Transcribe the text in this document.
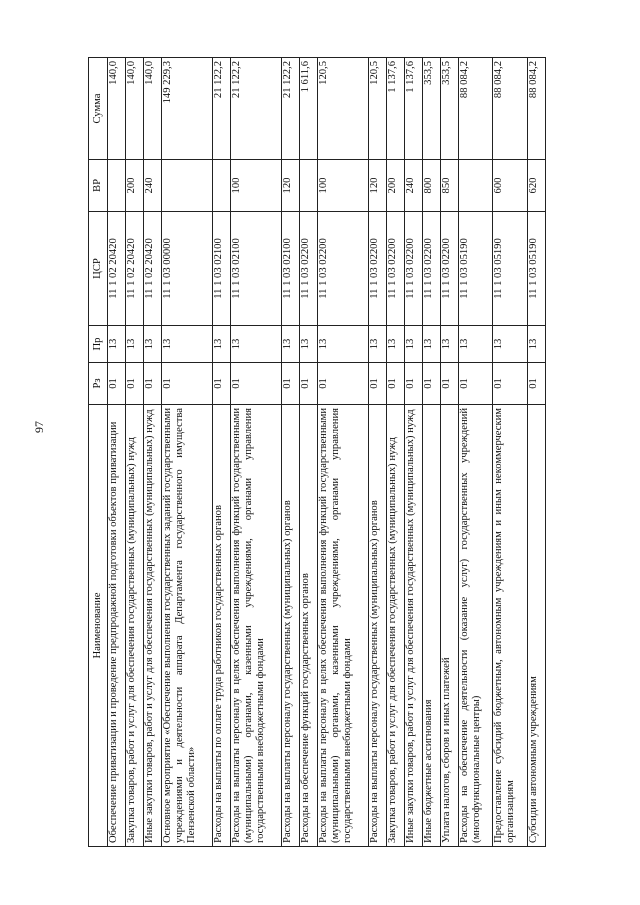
97
Наименование	Рз	Пр	ЦСР	ВР	Сумма
Обеспечение приватизации и проведение предпродажной подготовки объектов приватизации	01	13	11 1 02 20420		140,0
Закупка товаров, работ и услуг для обеспечения государственных (муниципальных) нужд	01	13	11 1 02 20420	200	140,0
Иные закупки товаров, работ и услуг для обеспечения государственных (муниципальных) нужд	01	13	11 1 02 20420	240	140,0
Основное мероприятие «Обеспечение выполнения государственных заданий государственными учреждениями и деятельности аппарата Департамента государственного имущества Пензенской области»	01	13	11 1 03 00000		149 229,3
Расходы на выплаты по оплате труда работников государственных органов	01	13	11 1 03 02100		21 122,2
Расходы на выплаты персоналу в целях обеспечения выполнения функций государственными (муниципальными) органами, казенными учреждениями, органами управления государственными внебюджетными фондами	01	13	11 1 03 02100	100	21 122,2
Расходы на выплаты персоналу государственных (муниципальных) органов	01	13	11 1 03 02100	120	21 122,2
Расходы на обеспечение функций государственных органов	01	13	11 1 03 02200		1 611,6
Расходы на выплаты персоналу в целях обеспечения выполнения функций государственными (муниципальными) органами, казенными учреждениями, органами управления государственными внебюджетными фондами	01	13	11 1 03 02200	100	120,5
Расходы на выплаты персоналу государственных (муниципальных) органов	01	13	11 1 03 02200	120	120,5
Закупка товаров, работ и услуг для обеспечения государственных (муниципальных) нужд	01	13	11 1 03 02200	200	1 137,6
Иные закупки товаров, работ и услуг для обеспечения государственных (муниципальных) нужд	01	13	11 1 03 02200	240	1 137,6
Иные бюджетные ассигнования	01	13	11 1 03 02200	800	353,5
Уплата налогов, сборов и иных платежей	01	13	11 1 03 02200	850	353,5
Расходы на обеспечение деятельности (оказание услуг) государственных учреждений (многофункциональные центры)	01	13	11 1 03 05190		88 084,2
Предоставление субсидий бюджетным, автономным учреждениям и иным некоммерческим организациям	01	13	11 1 03 05190	600	88 084,2
Субсидии автономным учреждениям	01	13	11 1 03 05190	620	88 084,2
